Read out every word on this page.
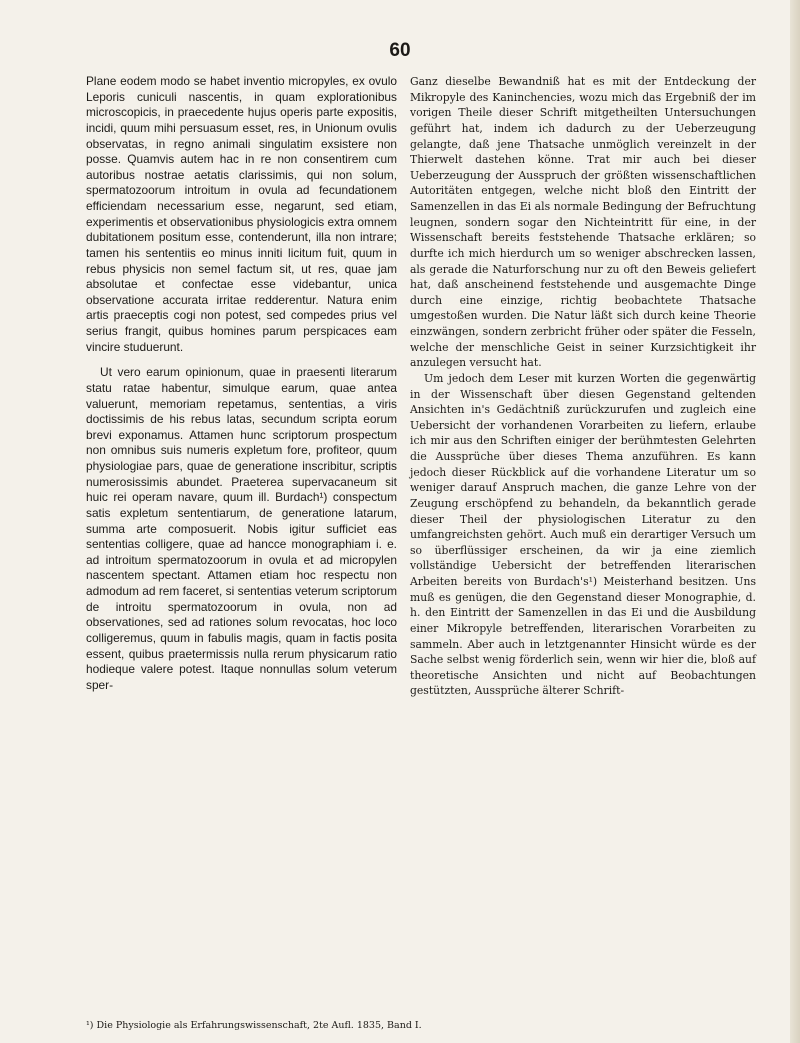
60

Plane eodem modo se habet inventio micropyles, ex ovulo Leporis cuniculi nascentis, in quam explorationibus microscopicis, in praecedente hujus operis parte expositis, incidi, quum mihi persuasum esset, res, in Unionum ovulis observatas, in regno animali singulatim exsistere non posse. Quamvis autem hac in re non consentirem cum autoribus nostrae aetatis clarissimis, qui non solum, spermatozoorum introitum in ovula ad fecundationem efficiendam necessarium esse, negarunt, sed etiam, experimentis et observationibus physiologicis extra omnem dubitationem positum esse, contenderunt, illa non intrare; tamen his sententiis eo minus inniti licitum fuit, quum in rebus physicis non semel factum sit, ut res, quae jam absolutae et confectae esse videbantur, unica observatione accurata irritae redderentur. Natura enim artis praeceptis cogi non potest, sed compedes prius vel serius frangit, quibus homines parum perspicaces eam vincire studuerunt.

Ut vero earum opinionum, quae in praesenti literarum statu ratae habentur, simulque earum, quae antea valuerunt, memoriam repetamus, sententias, a viris doctissimis de his rebus latas, secundum scripta eorum brevi exponamus. Attamen hunc scriptorum prospectum non omnibus suis numeris expletum fore, profiteor, quum physiologiae pars, quae de generatione inscribitur, scriptis numerosissimis abundet. Praeterea supervacaneum sit huic rei operam navare, quum ill. Burdach¹) conspectum satis expletum sententiarum, de generatione latarum, summa arte composuerit. Nobis igitur sufficiet eas sententias colligere, quae ad hancce monographiam i. e. ad introitum spermatozoorum in ovula et ad micropylen nascentem spectant. Attamen etiam hoc respectu non admodum ad rem faceret, si sententias veterum scriptorum de introitu spermatozoorum in ovula, non ad observationes, sed ad rationes solum revocatas, hoc loco colligeremus, quum in fabulis magis, quam in factis posita essent, quibus praetermissis nulla rerum physicarum ratio hodieque valere potest. Itaque nonnullas solum veterum sper-

Ganz dieselbe Bewandniß hat es mit der Entdeckung der Mikropyle des Kaninchencies, wozu mich das Ergebniß der im vorigen Theile dieser Schrift mitgetheilten Untersuchungen geführt hat, indem ich dadurch zu der Ueberzeugung gelangte, daß jene Thatsache unmöglich vereinzelt in der Thierwelt dastehen könne. Trat mir auch bei dieser Ueberzeugung der Ausspruch der größten wissenschaftlichen Autoritäten entgegen, welche nicht bloß den Eintritt der Samenzellen in das Ei als normale Bedingung der Befruchtung leugnen, sondern sogar den Nichteintritt für eine, in der Wissenschaft bereits feststehende Thatsache erklären; so durfte ich mich hierdurch um so weniger abschrecken lassen, als gerade die Naturforschung nur zu oft den Beweis geliefert hat, daß anscheinend feststehende und ausgemachte Dinge durch eine einzige, richtig beobachtete Thatsache umgestoßen wurden. Die Natur läßt sich durch keine Theorie einzwängen, sondern zerbricht früher oder später die Fesseln, welche der menschliche Geist in seiner Kurzsichtigkeit ihr anzulegen versucht hat.

Um jedoch dem Leser mit kurzen Worten die gegenwärtig in der Wissenschaft über diesen Gegenstand geltenden Ansichten in's Gedächtniß zurückzurufen und zugleich eine Uebersicht der vorhandenen Vorarbeiten zu liefern, erlaube ich mir aus den Schriften einiger der berühmtesten Gelehrten die Aussprüche über dieses Thema anzuführen. Es kann jedoch dieser Rückblick auf die vorhandene Literatur um so weniger darauf Anspruch machen, die ganze Lehre von der Zeugung erschöpfend zu behandeln, da bekanntlich gerade dieser Theil der physiologischen Literatur zu den umfangreichsten gehört. Auch muß ein derartiger Versuch um so überflüssiger erscheinen, da wir ja eine ziemlich vollständige Uebersicht der betreffenden literarischen Arbeiten bereits von Burdach's¹) Meisterhand besitzen. Uns muß es genügen, die den Gegenstand dieser Monographie, d. h. den Eintritt der Samenzellen in das Ei und die Ausbildung einer Mikropyle betreffenden, literarischen Vorarbeiten zu sammeln. Aber auch in letztgenannter Hinsicht würde es der Sache selbst wenig förderlich sein, wenn wir hier die, bloß auf theoretische Ansichten und nicht auf Beobachtungen gestützten, Aussprüche älterer Schrift-

¹) Die Physiologie als Erfahrungswissenschaft, 2te Aufl. 1835, Band I.
